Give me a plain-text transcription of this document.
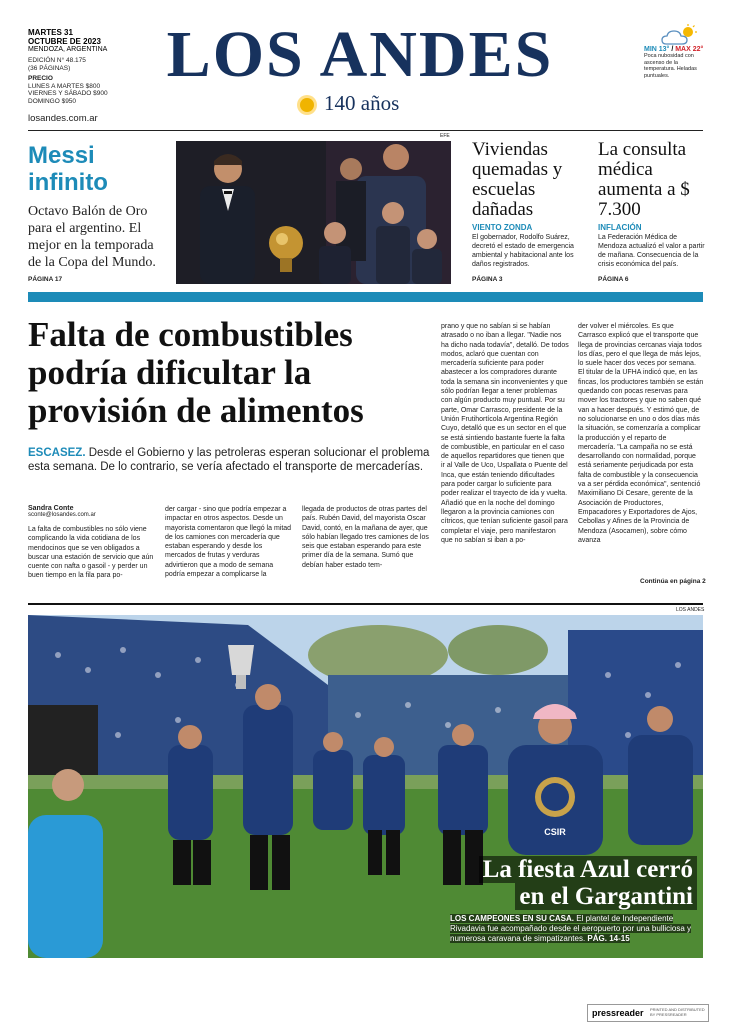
MARTES 31
OCTUBRE DE 2023
MENDOZA, ARGENTINA
EDICIÓN N° 48.175
(36 PÁGINAS)
PRECIO
LUNES A MARTES $800
VIERNES Y SÁBADO $900
DOMINGO $950
LOS ANDES
140 años
losandes.com.ar
MIN 13° / MAX 22°
Poca nubosidad con ascenso de la temperatura. Heladas puntuales.
Messi
infinito
Octavo Balón de Oro para el argentino. El mejor en la temporada de la Copa del Mundo.
PÁGINA 17
EFE
Viviendas quemadas y escuelas dañadas
VIENTO ZONDA
El gobernador, Rodolfo Suárez, decretó el estado de emergencia ambiental y habitacional ante los daños registrados.
PÁGINA 3
La consulta médica aumenta a $ 7.300
INFLACIÓN
La Federación Médica de Mendoza actualizó el valor a partir de mañana. Consecuencia de la crisis económica del país.
PÁGINA 6
Falta de combustibles
podría dificultar la
provisión de alimentos
ESCASEZ. Desde el Gobierno y las petroleras esperan solucionar el problema esta semana. De lo contrario, se vería afectado el transporte de mercaderías.
Sandra Conte
sconte@losandes.com.ar
La falta de combustibles no sólo viene complicando la vida cotidiana de los mendocinos que se ven obligados a buscar una estación de servicio que aún cuente con nafta o gasoil - y perder un buen tiempo en la fila para po-
der cargar - sino que podría empezar a impactar en otros aspectos. Desde un mayorista comentaron que llegó la mitad de los camiones con mercadería que estaban esperando y desde los mercados de frutas y verduras advirtieron que a modo de semana podría empezar a complicarse la
llegada de productos de otras partes del país. Rubén David, del mayorista Oscar David, contó, en la mañana de ayer, que sólo habían llegado tres camiones de los seis que estaban esperando para este primer día de la semana. Sumó que debían haber estado tem-
prano y que no sabían si se habían atrasado o no iban a llegar. "Nadie nos ha dicho nada todavía", detalló. De todos modos, aclaró que cuentan con mercadería suficiente para poder abastecer a los compradores durante toda la semana sin inconvenientes y que sólo podrían llegar a tener problemas con algún producto muy puntual. Por su parte, Omar Carrasco, presidente de la Unión Frutihortícola Argentina Región Cuyo, detalló que es un sector en el que se está sintiendo bastante fuerte la falta de combustible, en particular en el caso de aquellos repartidores que tienen que ir al Valle de Uco, Uspallata o Puente del Inca, que están teniendo dificultades para poder cargar lo suficiente para poder realizar el trayecto de ida y vuelta. Añadió que en la noche del domingo llegaron a la provincia camiones con cítricos, que tenían suficiente gasoil para completar el viaje, pero manifestaron que no sabían si iban a po-
der volver el miércoles. Es que Carrasco explicó que el transporte que llega de provincias cercanas viaja todos los días, pero el que llega de más lejos, lo suele hacer dos veces por semana. El titular de la UFHA indicó que, en las fincas, los productores también se están quedando con pocas reservas para mover los tractores y que no saben qué van a hacer después. Y estimó que, de no solucionarse en uno o dos días más la situación, se comenzaría a complicar la producción y el reparto de mercadería. "La campaña no se está desarrollando con normalidad, porque está seriamente perjudicada por esta falta de combustible y la consecuencia va a ser pérdida económica", sentenció Maximiliano Di Cesare, gerente de la Asociación de Productores, Empacadores y Exportadores de Ajos, Cebollas y Afines de la Provincia de Mendoza (Asocamen), sobre cómo avanza
Continúa en página 2
LOS ANDES
CSIR
La fiesta Azul cerró
en el Gargantini
LOS CAMPEONES EN SU CASA. El plantel de Independiente Rivadavia fue acompañado desde el aeropuerto por una bulliciosa y numerosa caravana de simpatizantes. PÁG. 14-15
pressreader PRINTED AND DISTRIBUTED BY PRESSREADER
